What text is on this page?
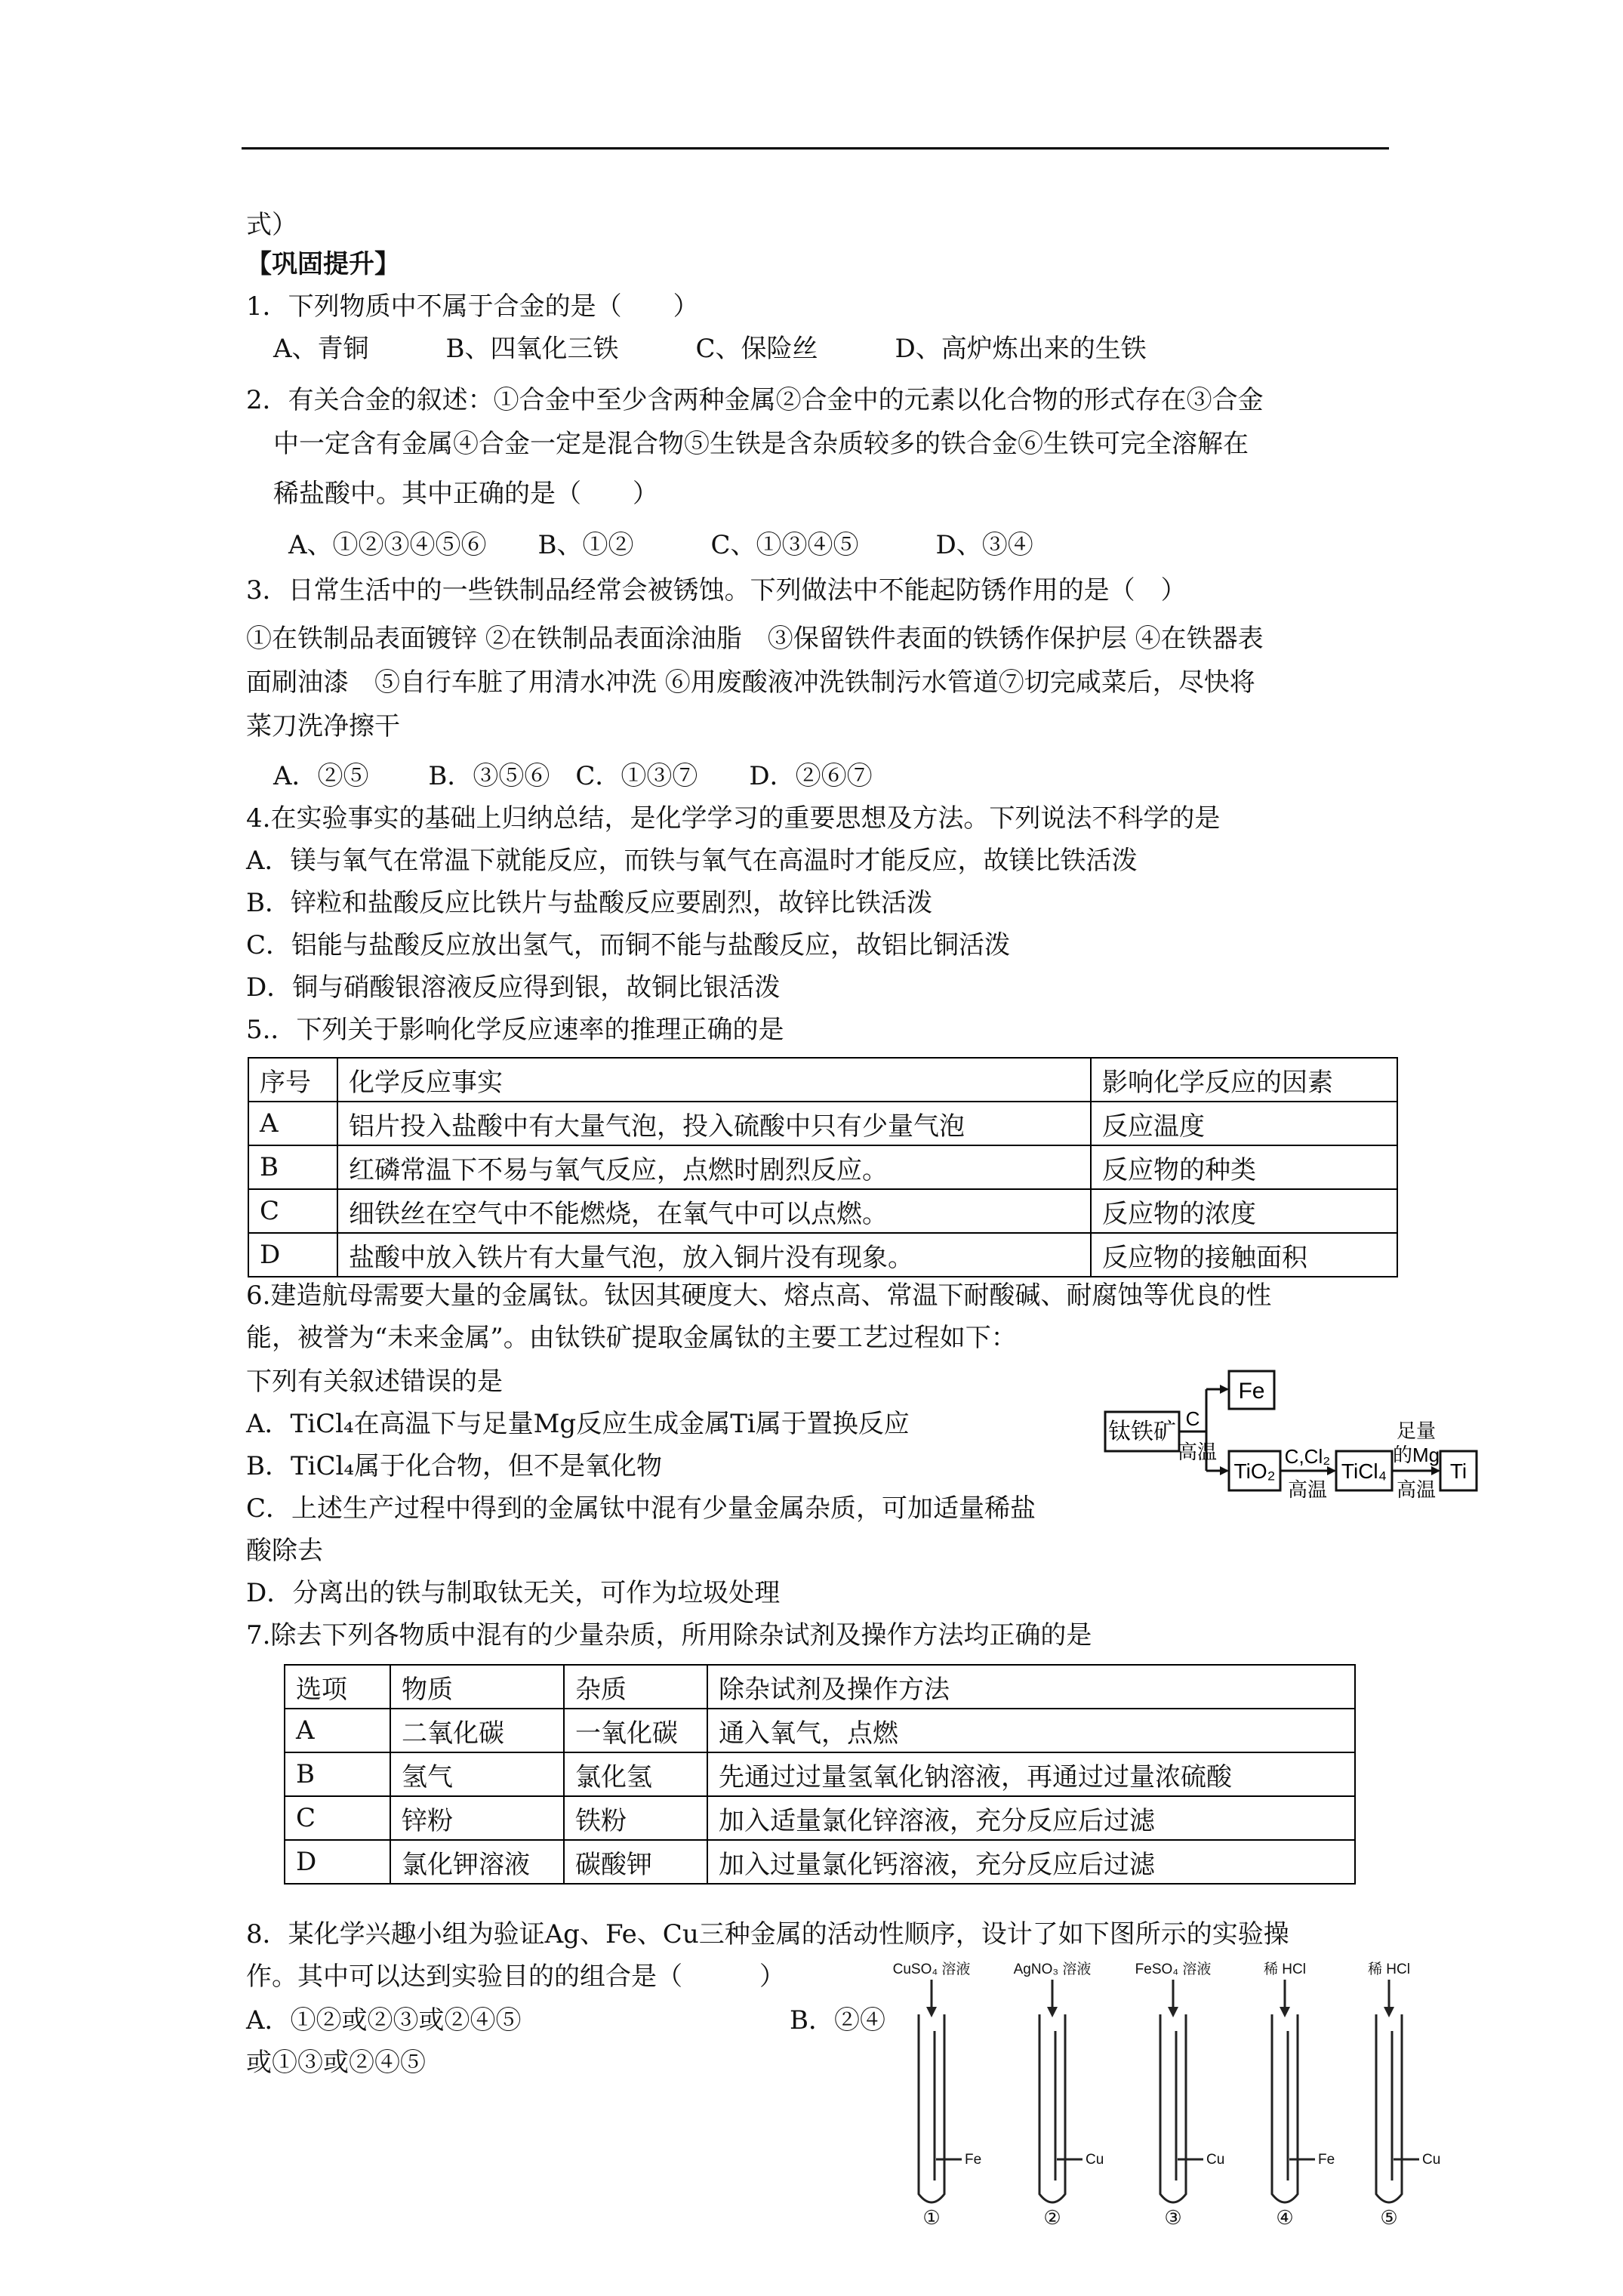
式）
【巩固提升】
1．下列物质中不属于合金的是（　　）
A、青铜　　　B、四氧化三铁　　　C、保险丝　　　D、高炉炼出来的生铁
2．有关合金的叙述：①合金中至少含两种金属②合金中的元素以化合物的形式存在③合金
中一定含有金属④合金一定是混合物⑤生铁是含杂质较多的铁合金⑥生铁可完全溶解在
稀盐酸中。其中正确的是（　　）
A、①②③④⑤⑥　　B、①②　　　C、①③④⑤　　　D、③④
3．日常生活中的一些铁制品经常会被锈蚀。下列做法中不能起防锈作用的是（　）
①在铁制品表面镀锌 ②在铁制品表面涂油脂　③保留铁件表面的铁锈作保护层 ④在铁器表
面刷油漆　⑤自行车脏了用清水冲洗 ⑥用废酸液冲洗铁制污水管道⑦切完咸菜后，尽快将
菜刀洗净擦干
A．②⑤　　 B．③⑤⑥　C．①③⑦　　D．②⑥⑦
4.在实验事实的基础上归纳总结，是化学学习的重要思想及方法。下列说法不科学的是
A．镁与氧气在常温下就能反应，而铁与氧气在高温时才能反应，故镁比铁活泼
B．锌粒和盐酸反应比铁片与盐酸反应要剧烈，故锌比铁活泼
C．铝能与盐酸反应放出氢气，而铜不能与盐酸反应，故铝比铜活泼
D．铜与硝酸银溶液反应得到银，故铜比银活泼
5.．下列关于影响化学反应速率的推理正确的是
序号	化学反应事实	影响化学反应的因素
A	铝片投入盐酸中有大量气泡，投入硫酸中只有少量气泡	反应温度
B	红磷常温下不易与氧气反应，点燃时剧烈反应。	反应物的种类
C	细铁丝在空气中不能燃烧，在氧气中可以点燃。	反应物的浓度
D	盐酸中放入铁片有大量气泡，放入铜片没有现象。	反应物的接触面积
6.建造航母需要大量的金属钛。钛因其硬度大、熔点高、常温下耐酸碱、耐腐蚀等优良的性
能，被誉为“未来金属”。由钛铁矿提取金属钛的主要工艺过程如下：
下列有关叙述错误的是
A．TiCl₄在高温下与足量Mg反应生成金属Ti属于置换反应
B．TiCl₄属于化合物，但不是氧化物
C．上述生产过程中得到的金属钛中混有少量金属杂质，可加适量稀盐
酸除去
D．分离出的铁与制取钛无关，可作为垃圾处理
钛铁矿
Fe
C
高温
TiO₂
C,Cl₂
高温
TiCl₄
足量
的Mg
高温
Ti
7.除去下列各物质中混有的少量杂质，所用除杂试剂及操作方法均正确的是
选项	物质	杂质	除杂试剂及操作方法
A	二氧化碳	一氧化碳	通入氧气，点燃
B	氢气	氯化氢	先通过过量氢氧化钠溶液，再通过过量浓硫酸
C	锌粉	铁粉	加入适量氯化锌溶液，充分反应后过滤
D	氯化钾溶液	碳酸钾	加入过量氯化钙溶液，充分反应后过滤
8．某化学兴趣小组为验证Ag、Fe、Cu三种金属的活动性顺序，设计了如下图所示的实验操
作。其中可以达到实验目的的组合是（　　　）
A．①②或②③或②④⑤	B．②④
或①③或②④⑤
CuSO₄ 溶液	AgNO₃ 溶液	FeSO₄ 溶液	稀 HCl	稀 HCl
Fe	Cu	Cu	Fe	Cu
①	②	③	④	⑤
